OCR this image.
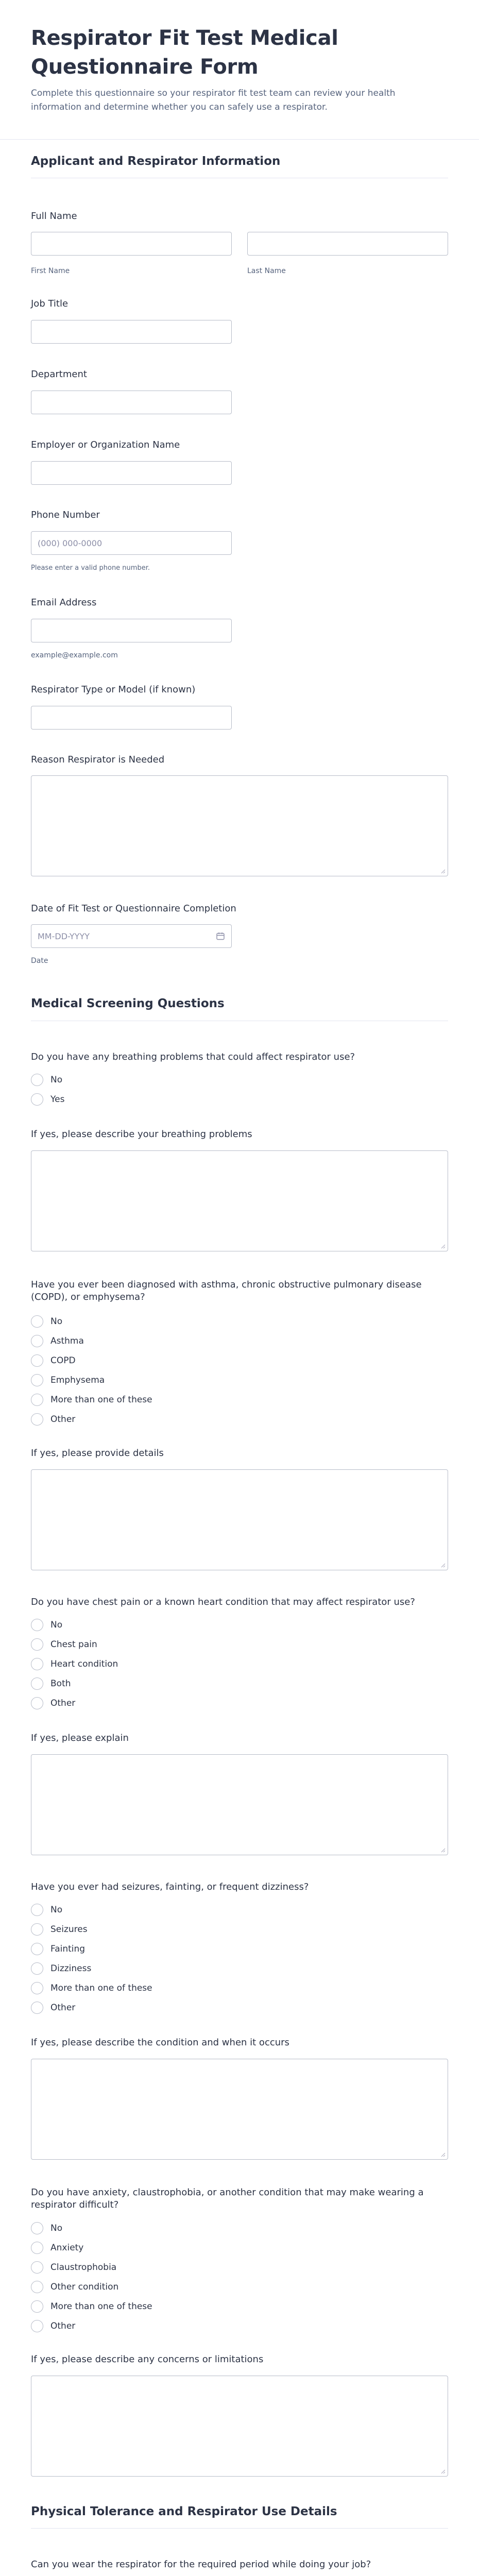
Respirator Fit Test Medical Questionnaire Form

Complete this questionnaire so your respirator fit test team can review your health information and determine whether you can safely use a respirator.

Applicant and Respirator Information
Full Name
First Name	Last Name
Job Title
Department
Employer or Organization Name
Phone Number
(000) 000-0000
Please enter a valid phone number.
Email Address
example@example.com
Respirator Type or Model (if known)
Reason Respirator is Needed
Date of Fit Test or Questionnaire Completion
MM-DD-YYYY
Date
Medical Screening Questions
Do you have any breathing problems that could affect respirator use?
No
Yes
If yes, please describe your breathing problems
Have you ever been diagnosed with asthma, chronic obstructive pulmonary disease (COPD), or emphysema?
No
Asthma
COPD
Emphysema
More than one of these
Other
If yes, please provide details
Do you have chest pain or a known heart condition that may affect respirator use?
No
Chest pain
Heart condition
Both
Other
If yes, please explain
Have you ever had seizures, fainting, or frequent dizziness?
No
Seizures
Fainting
Dizziness
More than one of these
Other
If yes, please describe the condition and when it occurs
Do you have anxiety, claustrophobia, or another condition that may make wearing a respirator difficult?
No
Anxiety
Claustrophobia
Other condition
More than one of these
Other
If yes, please describe any concerns or limitations
Physical Tolerance and Respirator Use Details
Can you wear the respirator for the required period while doing your job?
